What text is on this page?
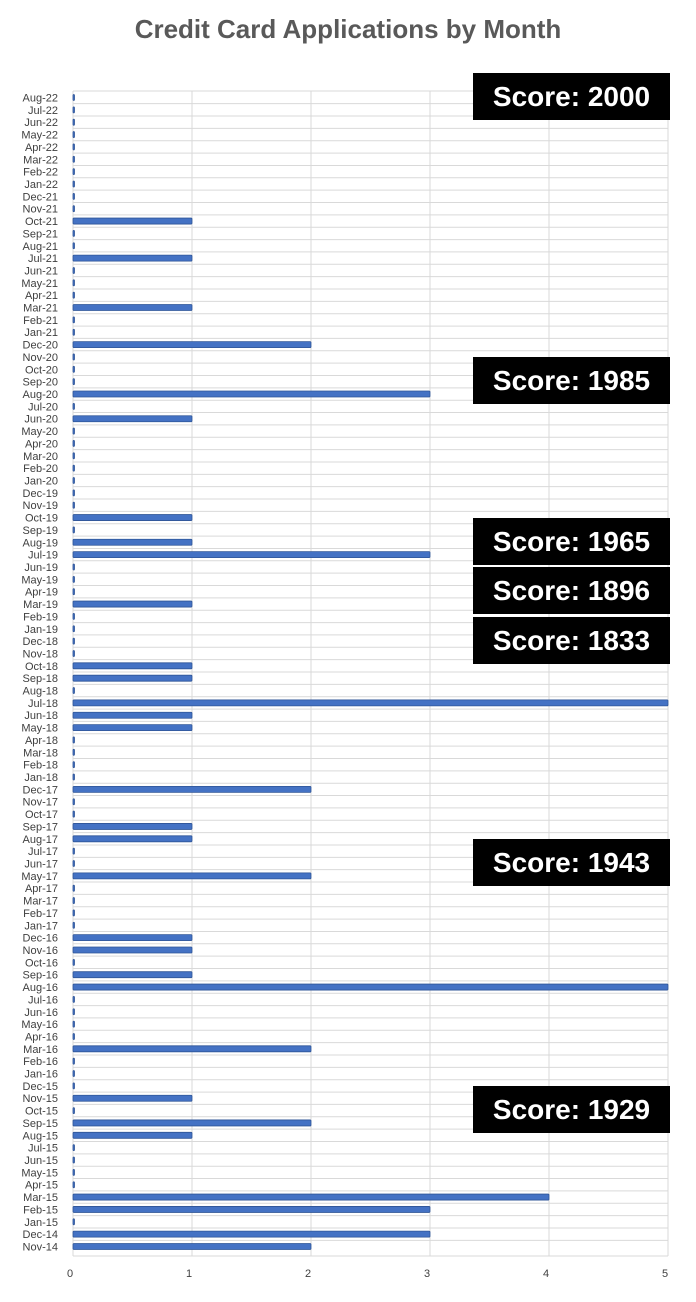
Credit Card Applications by Month
Aug-22
Jul-22
Jun-22
May-22
Apr-22
Mar-22
Feb-22
Jan-22
Dec-21
Nov-21
Oct-21
Sep-21
Aug-21
Jul-21
Jun-21
May-21
Apr-21
Mar-21
Feb-21
Jan-21
Dec-20
Nov-20
Oct-20
Sep-20
Aug-20
Jul-20
Jun-20
May-20
Apr-20
Mar-20
Feb-20
Jan-20
Dec-19
Nov-19
Oct-19
Sep-19
Aug-19
Jul-19
Jun-19
May-19
Apr-19
Mar-19
Feb-19
Jan-19
Dec-18
Nov-18
Oct-18
Sep-18
Aug-18
Jul-18
Jun-18
May-18
Apr-18
Mar-18
Feb-18
Jan-18
Dec-17
Nov-17
Oct-17
Sep-17
Aug-17
Jul-17
Jun-17
May-17
Apr-17
Mar-17
Feb-17
Jan-17
Dec-16
Nov-16
Oct-16
Sep-16
Aug-16
Jul-16
Jun-16
May-16
Apr-16
Mar-16
Feb-16
Jan-16
Dec-15
Nov-15
Oct-15
Sep-15
Aug-15
Jul-15
Jun-15
May-15
Apr-15
Mar-15
Feb-15
Jan-15
Dec-14
Nov-14
0	1	2	3	4	5
Score: 2000
Score: 1985
Score: 1965
Score: 1896
Score: 1833
Score: 1943
Score: 1929
